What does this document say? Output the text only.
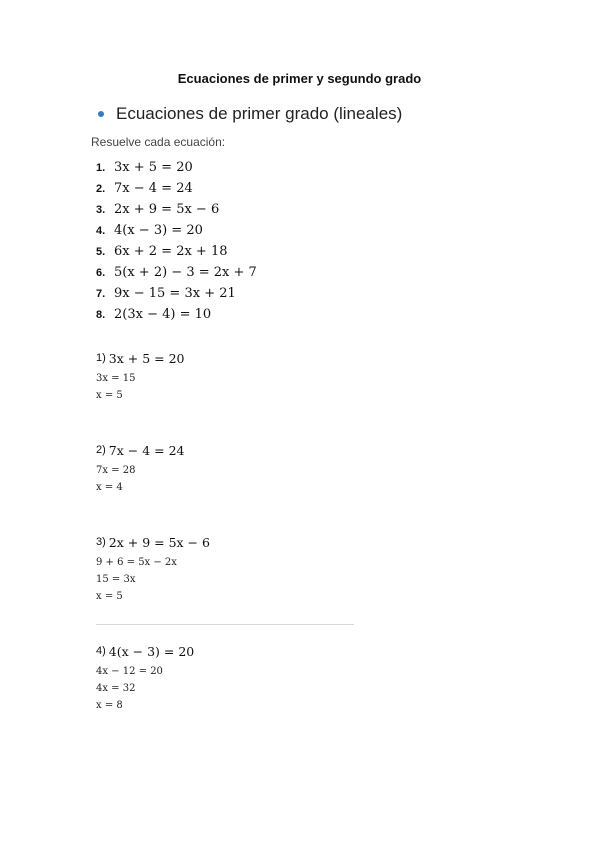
Ecuaciones de primer y segundo grado
Ecuaciones de primer grado (lineales)
Resuelve cada ecuación:
1. 3x + 5 = 20
2. 7x − 4 = 24
3. 2x + 9 = 5x − 6
4. 4(x − 3) = 20
5. 6x + 2 = 2x + 18
6. 5(x + 2) − 3 = 2x + 7
7. 9x − 15 = 3x + 21
8. 2(3x − 4) = 10
1) 3x + 5 = 20
3x = 15
x = 5
2) 7x − 4 = 24
7x = 28
x = 4
3) 2x + 9 = 5x − 6
9 + 6 = 5x − 2x
15 = 3x
x = 5
4) 4(x − 3) = 20
4x − 12 = 20
4x = 32
x = 8
